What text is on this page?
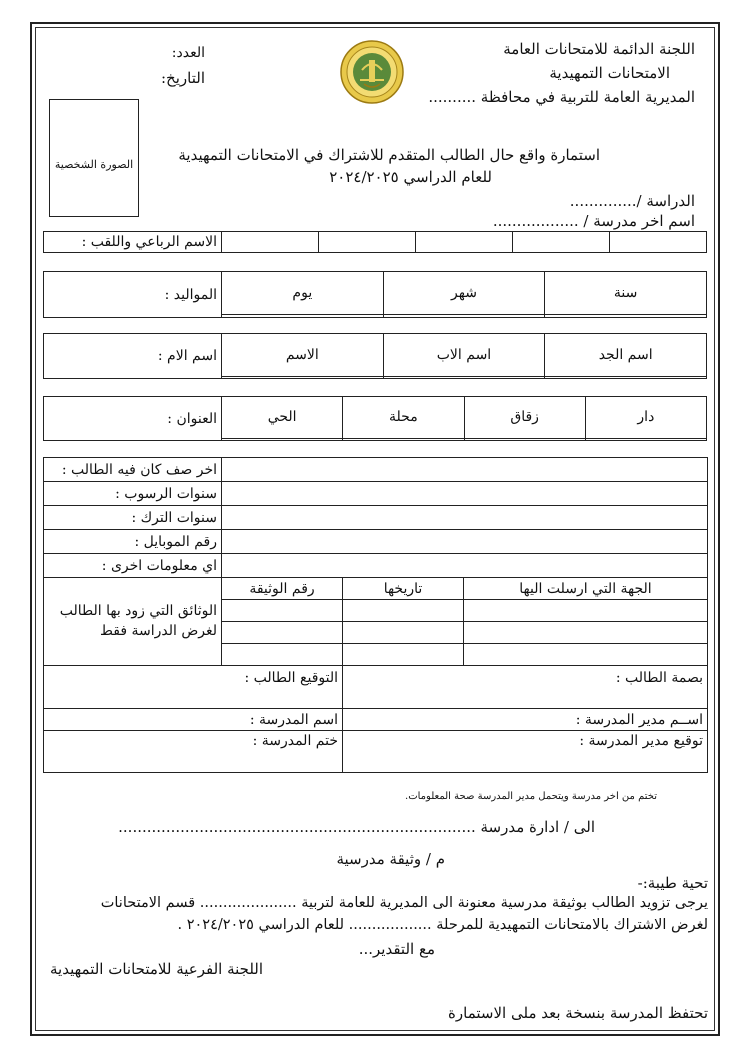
اللجنة الدائمة للامتحانات العامة
الامتحانات التمهيدية
المديرية العامة للتربية في محافظة ..........
العدد:
التاريخ:
الصورة الشخصية
استمارة واقع حال الطالب المتقدم للاشتراك في الامتحانات التمهيدية
للعام الدراسي ٢٠٢٤/٢٠٢٥
الدراسة /..............
اسم اخر مدرسة / ..................
الاسم الرباعي واللقب :					
المواليد :	يوم	شهر	سنة

اسم الام :	الاسم	اسم الاب	اسم الجد

العنوان :	الحي	محلة	زقاق	دار

اخر صف كان فيه الطالب :			
سنوات الرسوب :			
سنوات الترك :			
رقم الموبايل :			
اي معلومات اخرى :			
الوثائق التي زود بها الطالب
لغرض الدراسة فقط	رقم الوثيقة	تاريخها	الجهة التي ارسلت اليها

التوقيع الطالب :		بصمة الطالب :	
اسم المدرسة :		اســم مدير المدرسة :	
ختم المدرسة :		توقيع مدير المدرسة :	
تختم من اخر مدرسة ويتحمل مدير المدرسة صحة المعلومات.
الى / ادارة مدرسة ...........................................................................
م / وثيقة مدرسية
تحية طيبة:-
يرجى تزويد الطالب بوثيقة مدرسية معنونة الى المديرية للعامة لتربية ..................... قسم الامتحانات
لغرض الاشتراك بالامتحانات التمهيدية للمرحلة .................. للعام الدراسي ٢٠٢٤/٢٠٢٥ .
مع التقدير...
اللجنة الفرعية للامتحانات التمهيدية
تحتفظ المدرسة بنسخة بعد ملى الاستمارة
